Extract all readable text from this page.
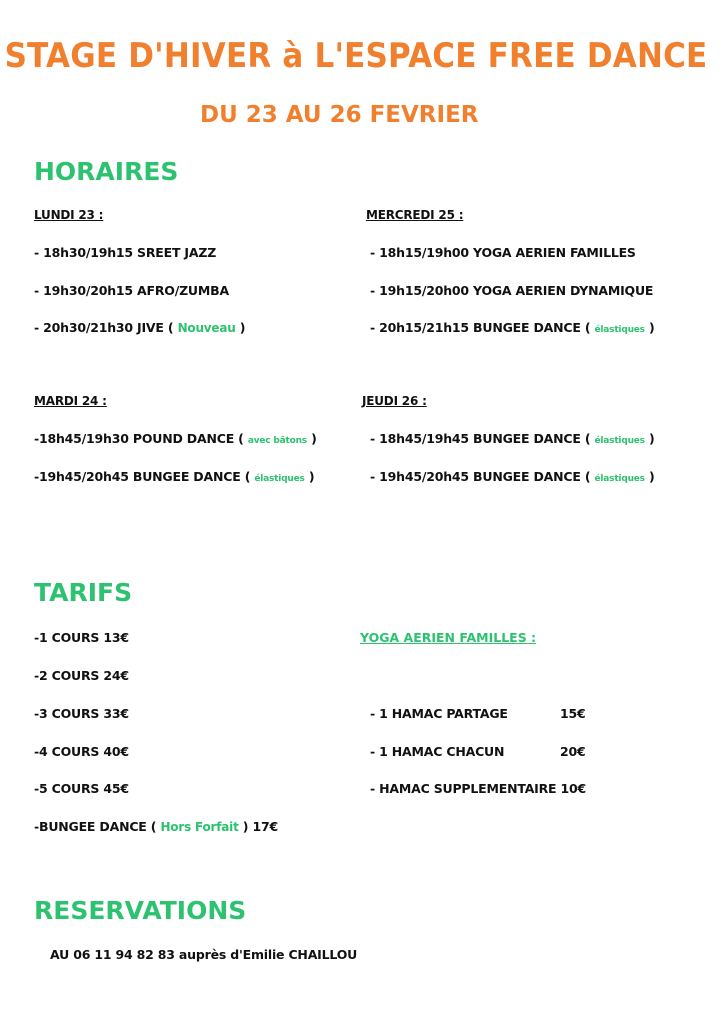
STAGE D'HIVER à L'ESPACE FREE DANCE
DU 23 AU 26 FEVRIER
HORAIRES
LUNDI 23 :
- 18h30/19h15 SREET JAZZ
- 19h30/20h15 AFRO/ZUMBA
- 20h30/21h30 JIVE ( Nouveau )
MERCREDI 25 :
- 18h15/19h00 YOGA AERIEN FAMILLES
- 19h15/20h00 YOGA AERIEN DYNAMIQUE
- 20h15/21h15 BUNGEE DANCE ( élastiques )
MARDI 24 :
-18h45/19h30 POUND DANCE ( avec bâtons )
-19h45/20h45 BUNGEE DANCE ( élastiques )
JEUDI 26 :
- 18h45/19h45 BUNGEE DANCE ( élastiques )
- 19h45/20h45 BUNGEE DANCE ( élastiques )
TARIFS
-1 COURS 13€
-2 COURS 24€
-3 COURS 33€
-4 COURS 40€
-5 COURS 45€
-BUNGEE DANCE ( Hors Forfait ) 17€
YOGA AERIEN FAMILLES :
- 1 HAMAC PARTAGE	15€
- 1 HAMAC CHACUN	20€
- HAMAC SUPPLEMENTAIRE 10€
RESERVATIONS
AU 06 11 94 82 83 auprès d'Emilie CHAILLOU
